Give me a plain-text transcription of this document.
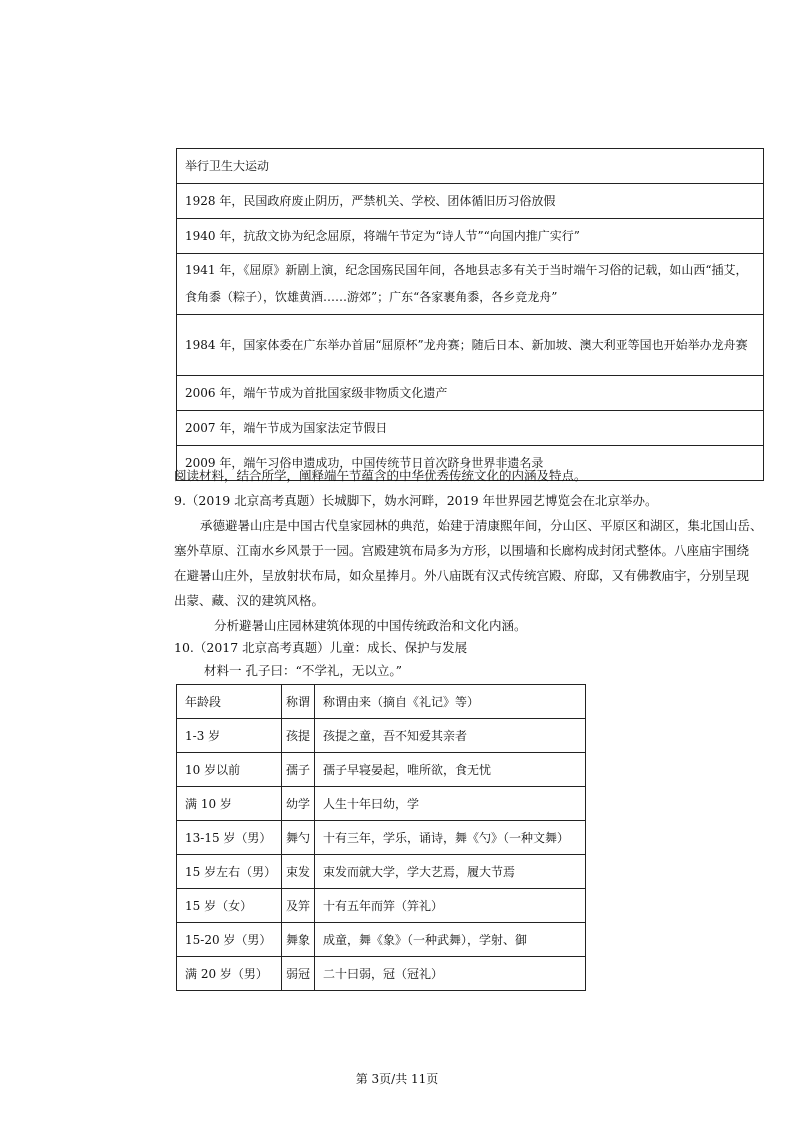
举行卫生大运动
1928 年，民国政府废止阴历，严禁机关、学校、团体循旧历习俗放假
1940 年，抗敌文协为纪念屈原，将端午节定为“诗人节”“向国内推广实行”
1941 年，《屈原》新剧上演，纪念国殇民国年间，各地县志多有关于当时端午习俗的记载，如山西“插艾，食角黍（粽子），饮雄黄酒……游郊”；广东“各家裹角黍，各乡竞龙舟”
1984 年，国家体委在广东举办首届“屈原杯”龙舟赛；随后日本、新加坡、澳大利亚等国也开始举办龙舟赛
2006 年，端午节成为首批国家级非物质文化遗产
2007 年，端午节成为国家法定节假日
2009 年，端午习俗申遗成功，中国传统节日首次跻身世界非遗名录
阅读材料，结合所学，阐释端午节蕴含的中华优秀传统文化的内涵及特点。
9.（2019 北京高考真题）长城脚下，妫水河畔，2019 年世界园艺博览会在北京举办。
承德避暑山庄是中国古代皇家园林的典范，始建于清康熙年间，分山区、平原区和湖区，集北国山岳、
塞外草原、江南水乡风景于一园。宫殿建筑布局多为方形，以围墙和长廊构成封闭式整体。八座庙宇围绕
在避暑山庄外，呈放射状布局，如众星捧月。外八庙既有汉式传统宫殿、府邸，又有佛教庙宇，分别呈现
出蒙、藏、汉的建筑风格。
分析避暑山庄园林建筑体现的中国传统政治和文化内涵。
10.（2017 北京高考真题）儿童：成长、保护与发展
材料一 孔子曰：“不学礼，无以立。”
年龄段	称谓	称谓由来（摘自《礼记》等）
1-3 岁	孩提	孩提之童，吾不知爱其亲者
10 岁以前	孺子	孺子早寝晏起，唯所欲，食无忧
满 10 岁	幼学	人生十年曰幼，学
13-15 岁（男）	舞勺	十有三年，学乐，诵诗，舞《勺》（一种文舞）
15 岁左右（男）	束发	束发而就大学，学大艺焉，履大节焉
15 岁（女）	及笄	十有五年而笄（笄礼）
15-20 岁（男）	舞象	成童，舞《象》（一种武舞），学射、御
满 20 岁（男）	弱冠	二十曰弱，冠（冠礼）
第 3页/共 11页
